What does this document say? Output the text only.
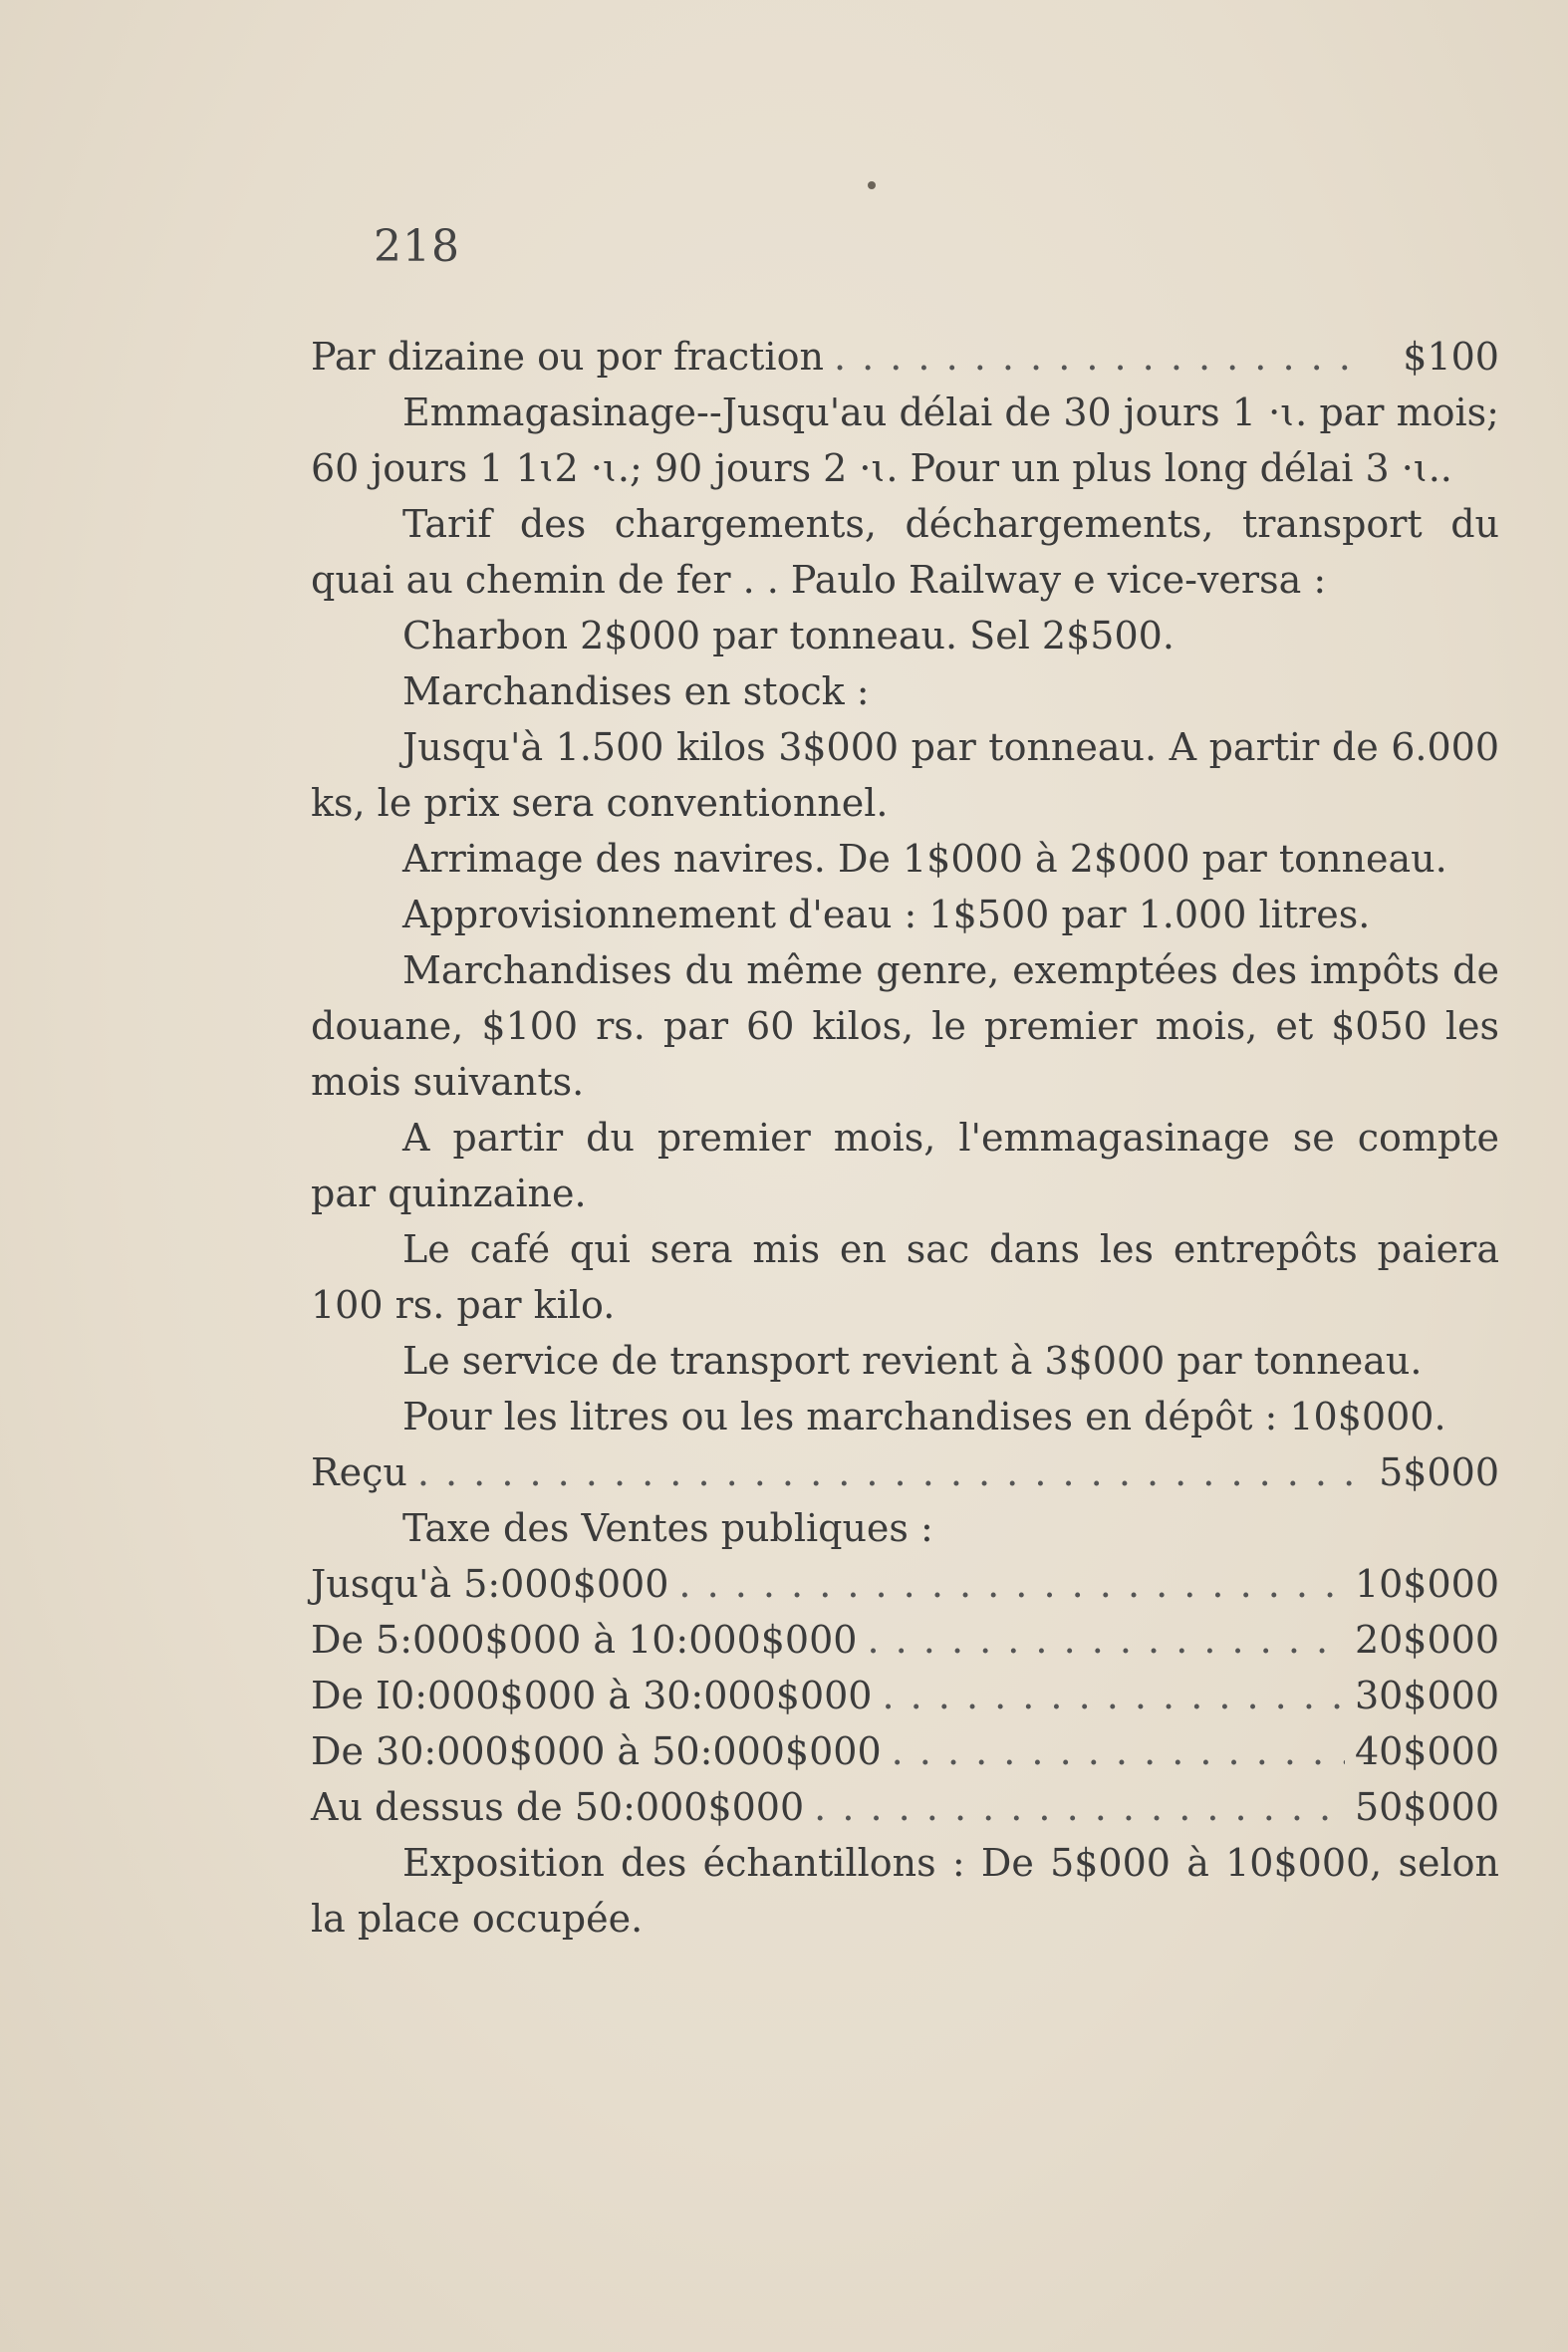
218
Par dizaine ou por fraction . . .	$100

Emmagasinage--Jusqu'au délai de 30 jours 1 ·ɩ. par mois; 60 jours 1 1ɩ2 ·ɩ.; 90 jours 2 ·ɩ. Pour un plus long délai 3 ·ɩ..

Tarif des chargements, déchargements, transport du quai au chemin de fer . . Paulo Railway e vice-versa :

Charbon 2$000 par tonneau. Sel 2$500.

Marchandises en stock :

Jusqu'à 1.500 kilos 3$000 par tonneau. A partir de 6.000 ks, le prix sera conventionnel.

Arrimage des navires. De 1$000 à 2$000 par tonneau.

Approvisionnement d'eau : 1$500 par 1.000 litres.

Marchandises du même genre, exemptées des impôts de douane, $100 rs. par 60 kilos, le premier mois, et $050 les mois suivants.

A partir du premier mois, l'emmagasinage se compte par quinzaine.

Le café qui sera mis en sac dans les entrepôts paiera 100 rs. par kilo.

Le service de transport revient à 3$000 par tonneau.

Pour les litres ou les marchandises en dépôt : 10$000.

Reçu . . .	5$000

Taxe des Ventes publiques :

Jusqu'à 5:000$000 . . .	10$000
De 5:000$000 à 10:000$000 . . .	20$000
De I0:000$000 à 30:000$000 . . .	30$000
De 30:000$000 à 50:000$000 . . .	40$000
Au dessus de 50:000$000 . . .	50$000

Exposition des échantillons : De 5$000 à 10$000, selon la place occupée.
